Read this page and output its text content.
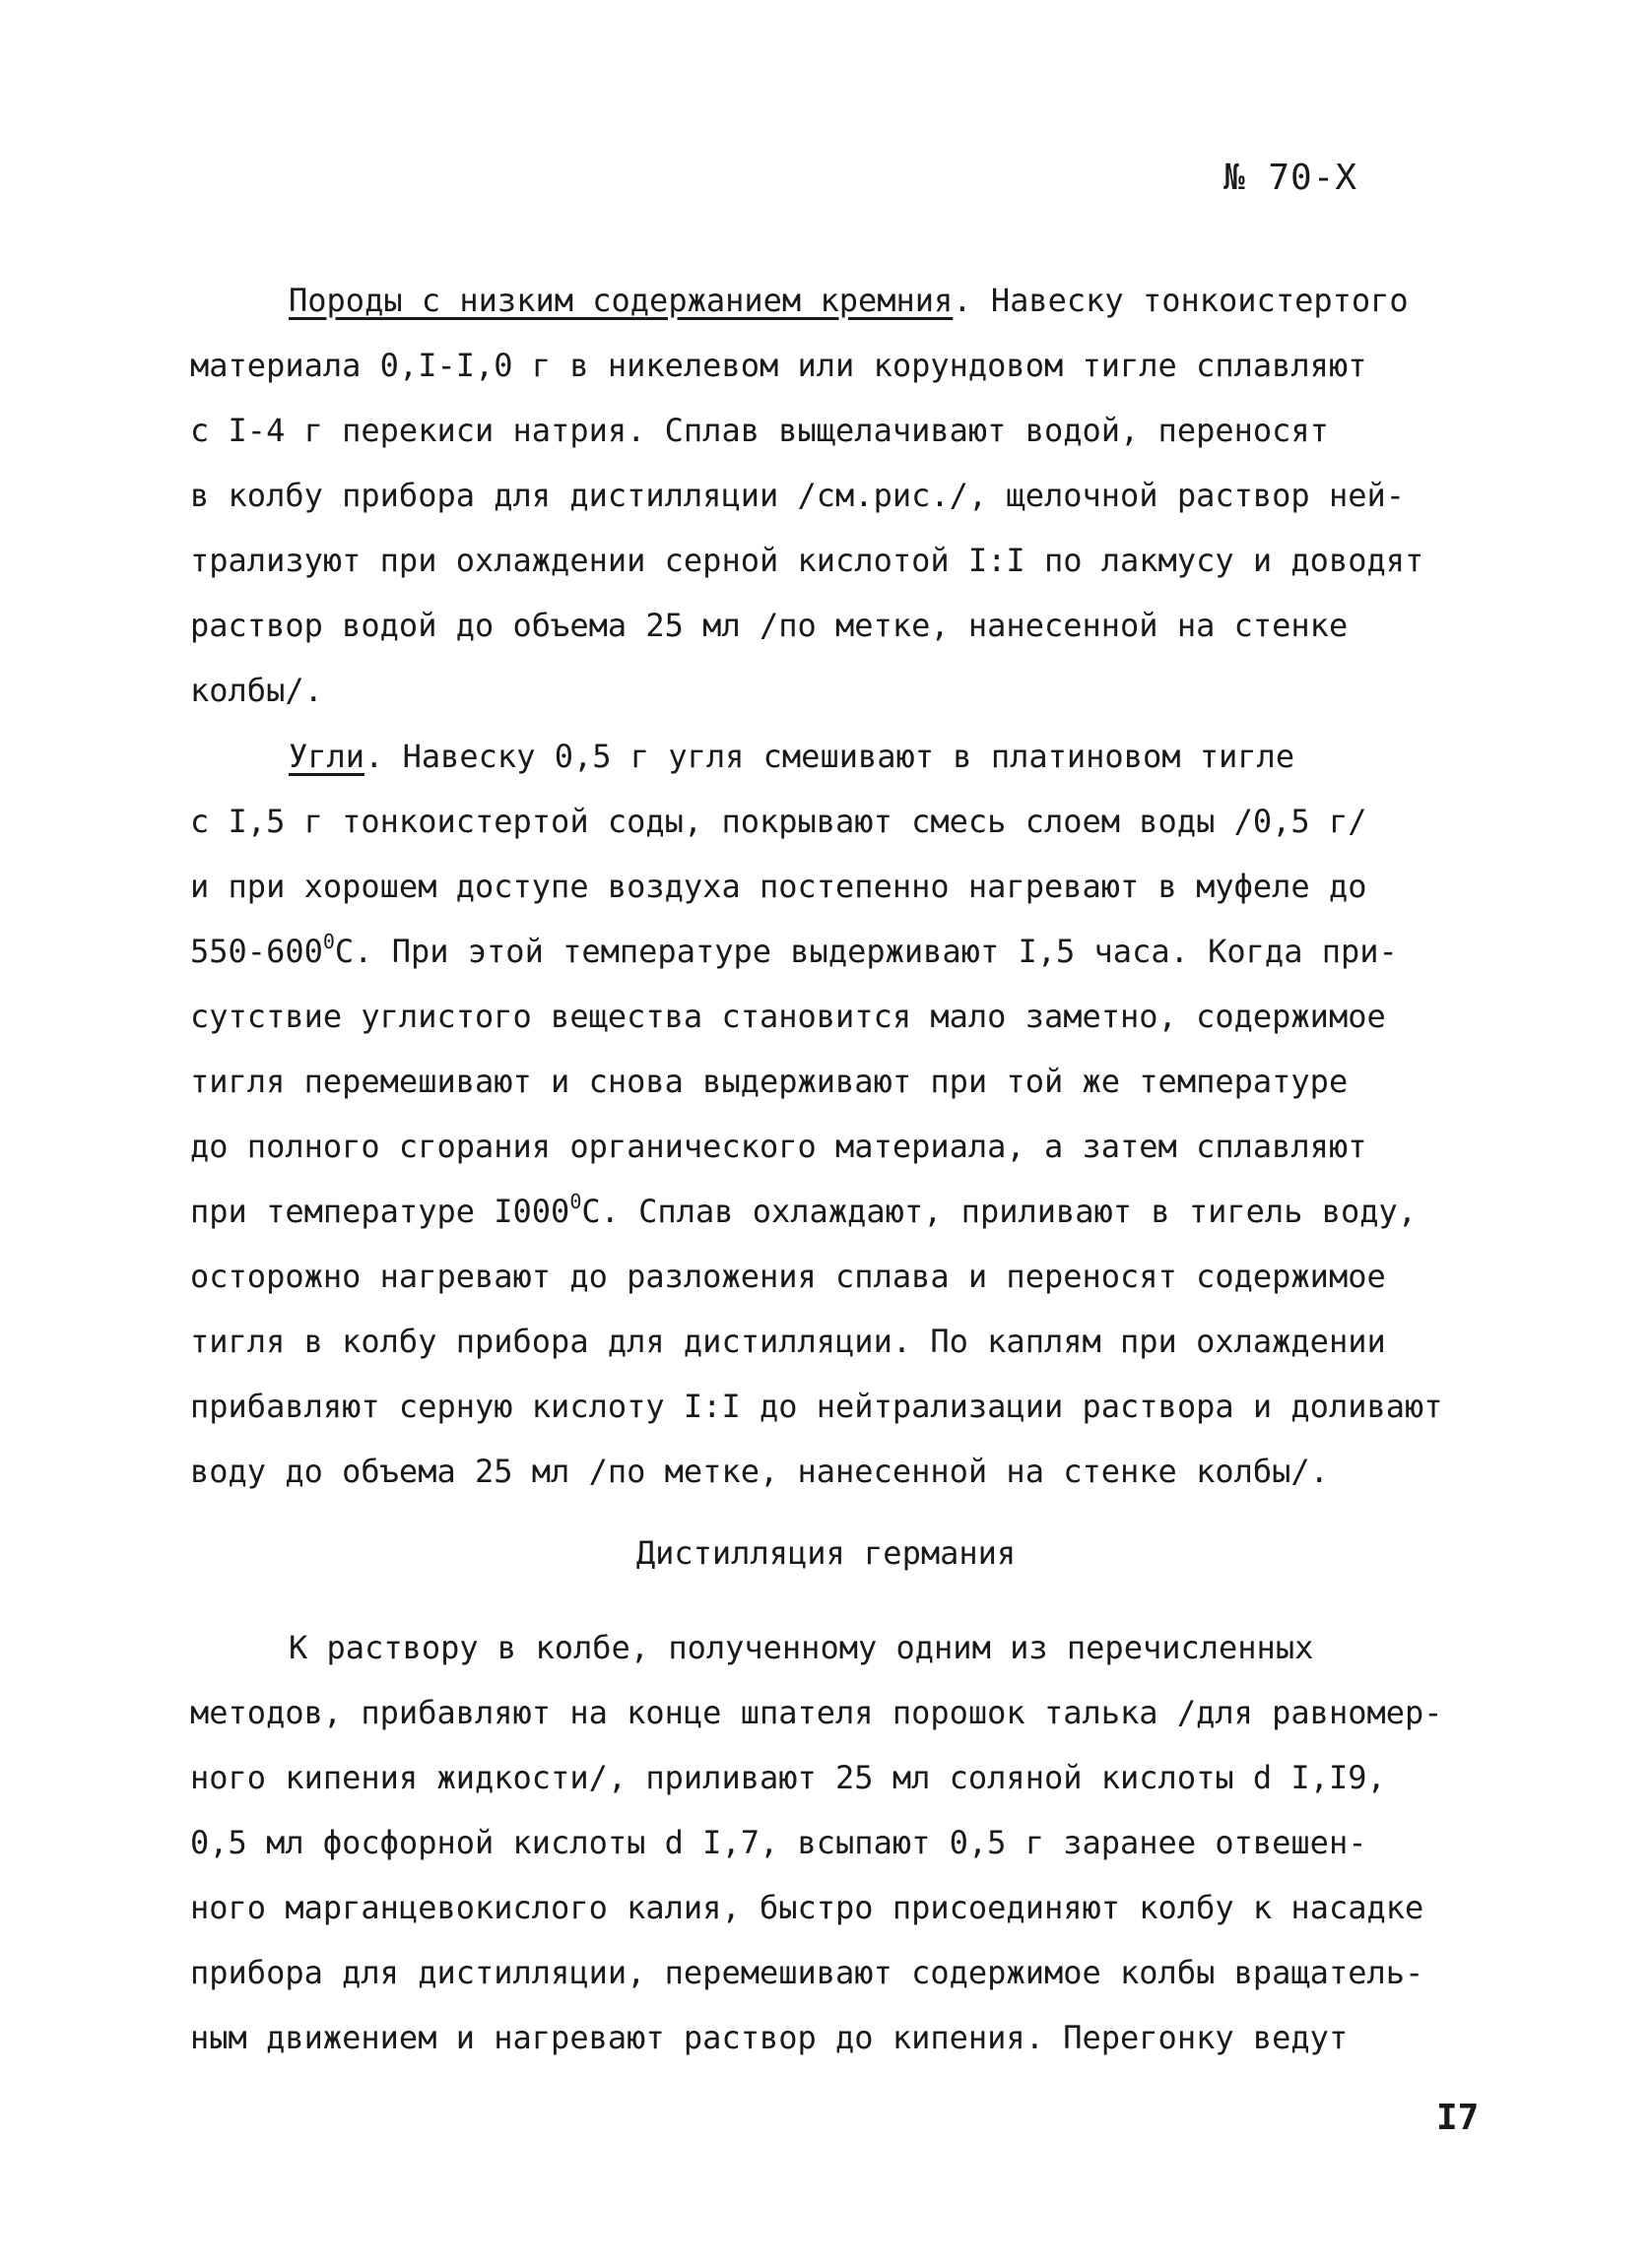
№ 70-Х
Породы с низким содержанием кремния. Навеску тонкоистертого
материала 0,I-I,0 г в никелевом или корундовом тигле сплавляют
с I-4 г перекиси натрия. Сплав выщелачивают водой, переносят
в колбу прибора для дистилляции /см.рис./, щелочной раствор ней-
трализуют при охлаждении серной кислотой I:I по лакмусу и доводят
раствор водой до объема 25 мл /по метке, нанесенной на стенке
колбы/.
Угли. Навеску 0,5 г угля смешивают в платиновом тигле
с I,5 г тонкоистертой соды, покрывают смесь слоем воды /0,5 г/
и при хорошем доступе воздуха постепенно нагревают в муфеле до
$550-600^0С$. При этой температуре выдерживают I,5 часа. Когда при-
сутствие углистого вещества становится мало заметно, содержимое
тигля перемешивают и снова выдерживают при той же температуре
до полного сгорания органического материала, а затем сплавляют
при температуре $I000^0С$. Сплав охлаждают, приливают в тигель воду,
осторожно нагревают до разложения сплава и переносят содержимое
тигля в колбу прибора для дистилляции. По каплям при охлаждении
прибавляют серную кислоту I:I до нейтрализации раствора и доливают
воду до объема 25 мл /по метке, нанесенной на стенке колбы/.
Дистилляция германия
К раствору в колбе, полученному одним из перечисленных
методов, прибавляют на конце шпателя порошок талька /для равномер-
ного кипения жидкости/, приливают 25 мл соляной кислоты d I,I9,
0,5 мл фосфорной кислоты d I,7, всыпают 0,5 г заранее отвешен-
ного марганцевокислого калия, быстро присоединяют колбу к насадке
прибора для дистилляции, перемешивают содержимое колбы вращатель-
ным движением и нагревают раствор до кипения. Перегонку ведут
I7
